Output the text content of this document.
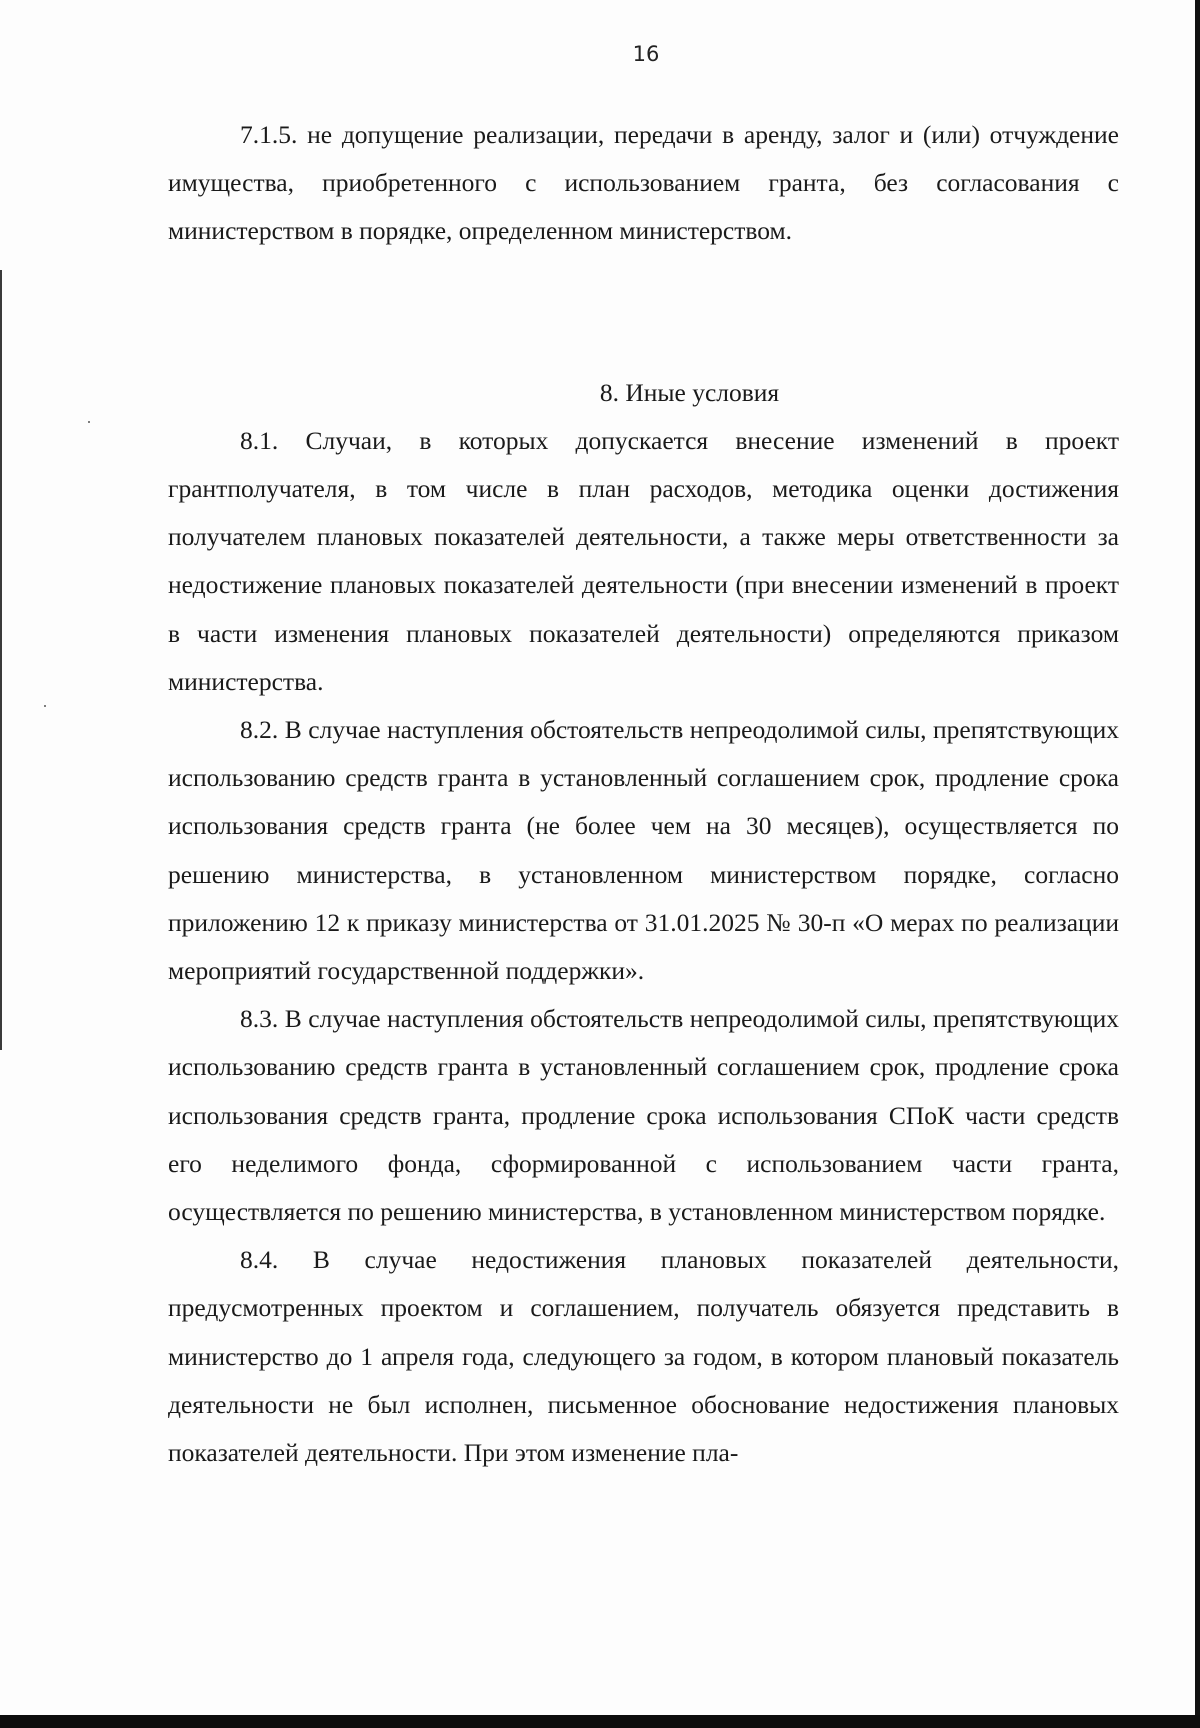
16

7.1.5. не допущение реализации, передачи в аренду, залог и (или) отчуждение имущества, приобретенного с использованием гранта, без согласования с министерством в порядке, определенном министерством.

8. Иные условия

8.1. Случаи, в которых допускается внесение изменений в проект грантполучателя, в том числе в план расходов, методика оценки достижения получателем плановых показателей деятельности, а также меры ответственности за недостижение плановых показателей деятельности (при внесении изменений в проект в части изменения плановых показателей деятельности) определяются приказом министерства.

8.2. В случае наступления обстоятельств непреодолимой силы, препятствующих использованию средств гранта в установленный соглашением срок, продление срока использования средств гранта (не более чем на 30 месяцев), осуществляется по решению министерства, в установленном министерством порядке, согласно приложению 12 к приказу министерства от 31.01.2025 № 30-п «О мерах по реализации мероприятий государственной поддержки».

8.3. В случае наступления обстоятельств непреодолимой силы, препятствующих использованию средств гранта в установленный соглашением срок, продление срока использования средств гранта, продление срока использования СПоК части средств его неделимого фонда, сформированной с использованием части гранта, осуществляется по решению министерства, в установленном министерством порядке.

8.4. В случае недостижения плановых показателей деятельности, предусмотренных проектом и соглашением, получатель обязуется представить в министерство до 1 апреля года, следующего за годом, в котором плановый показатель деятельности не был исполнен, письменное обоснование недостижения плановых показателей деятельности. При этом изменение пла-
